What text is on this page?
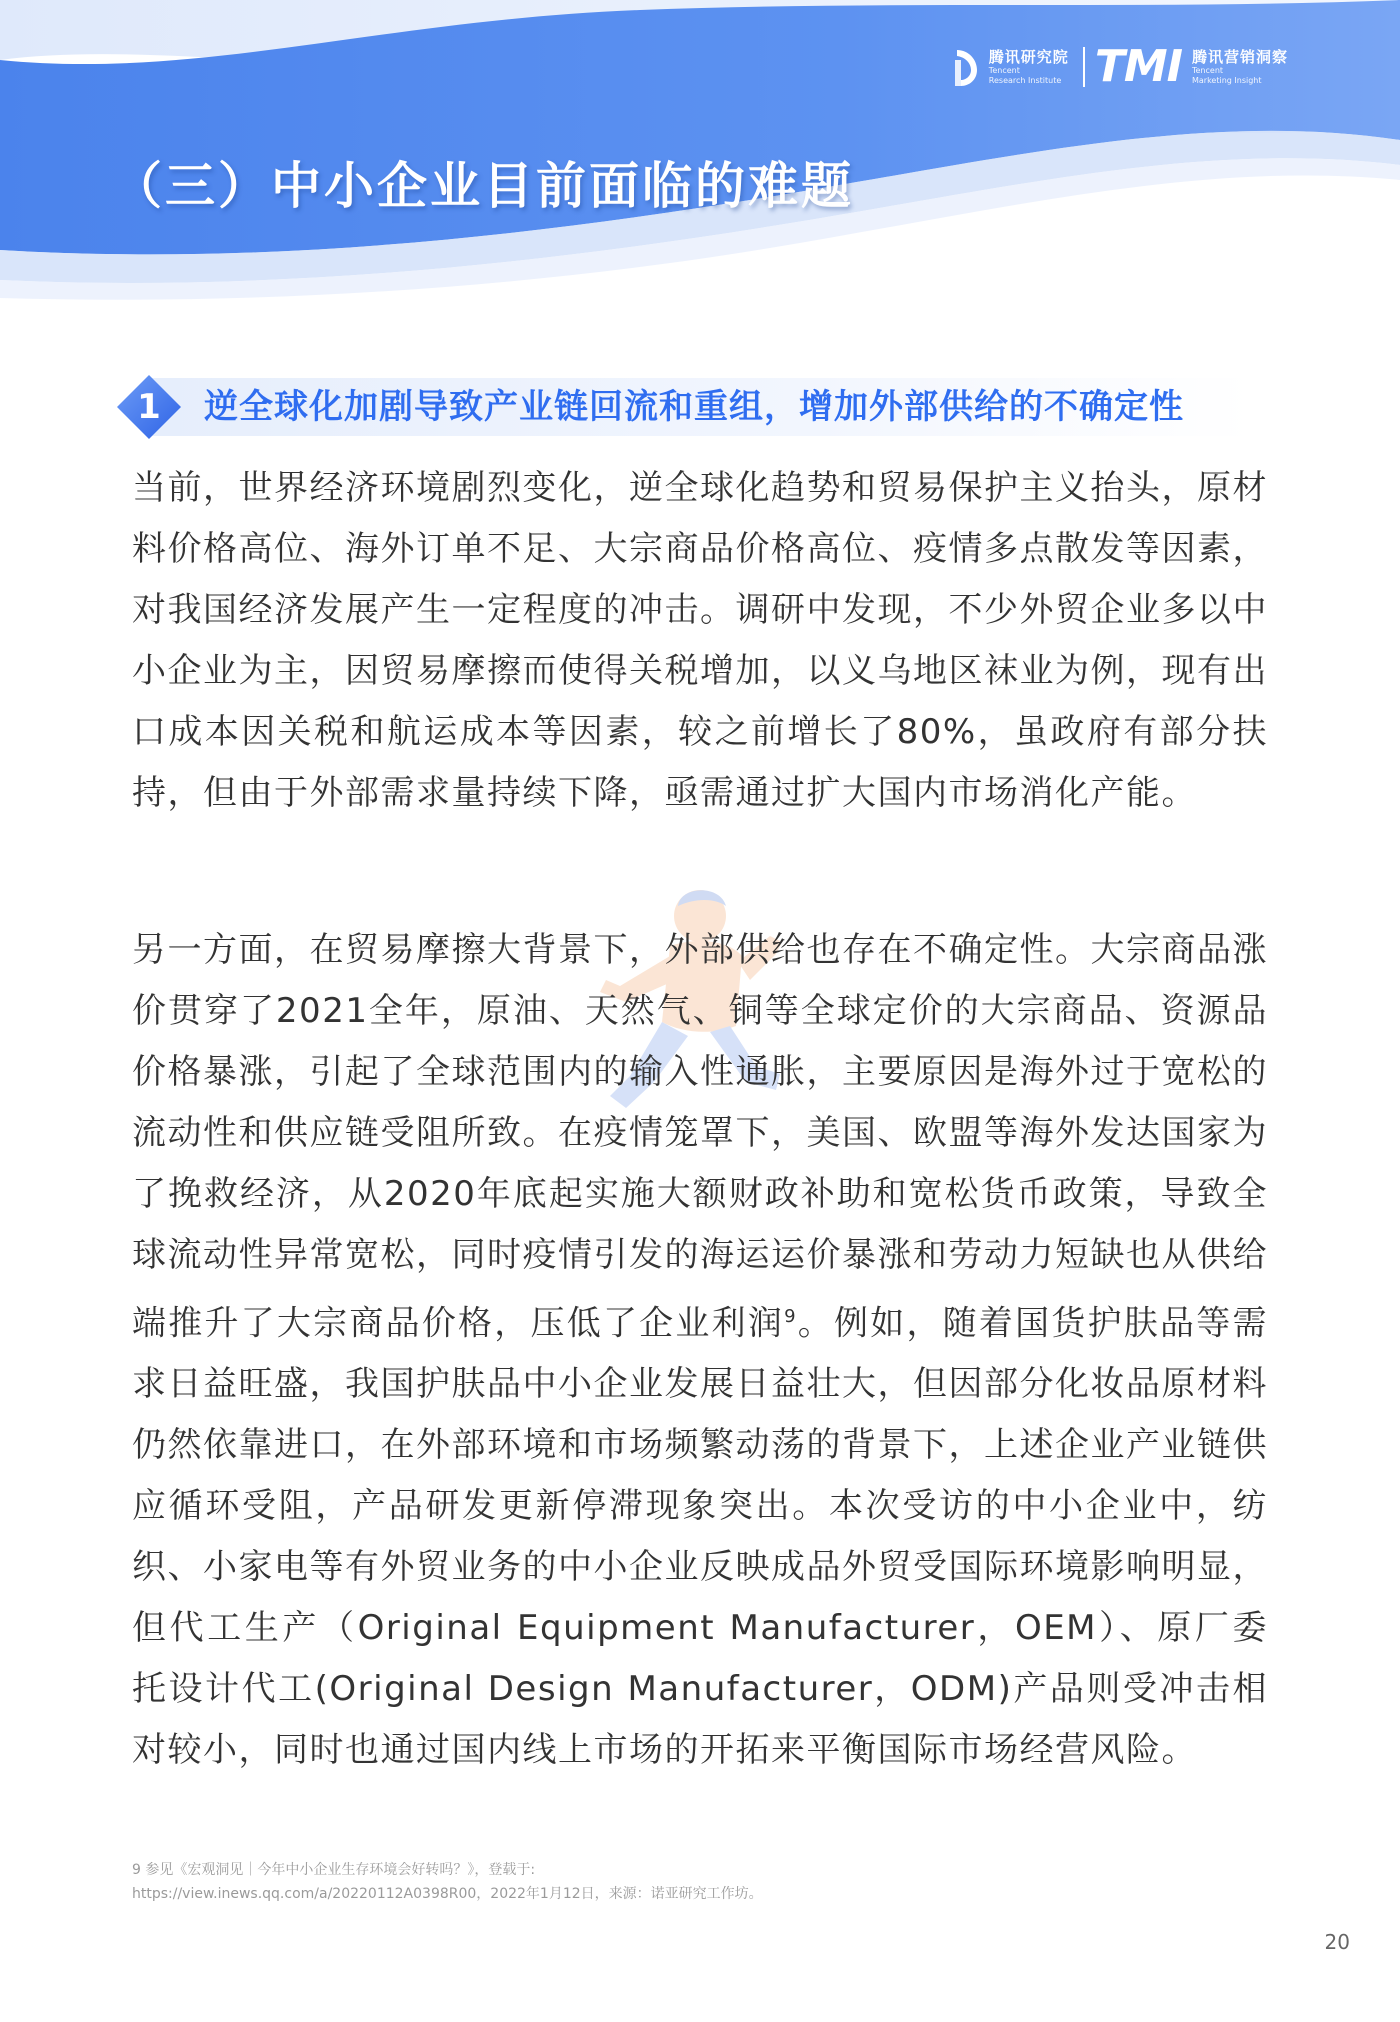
腾讯研究院
Tencent
Research Institute TMI 腾讯营销洞察
Tencent
Marketing Insight
（三）中小企业目前面临的难题
1	逆全球化加剧导致产业链回流和重组，增加外部供给的不确定性

当前，世界经济环境剧烈变化，逆全球化趋势和贸易保护主义抬头，原材料价格高位、海外订单不足、大宗商品价格高位、疫情多点散发等因素，对我国经济发展产生一定程度的冲击。调研中发现，不少外贸企业多以中小企业为主，因贸易摩擦而使得关税增加，以义乌地区袜业为例，现有出口成本因关税和航运成本等因素，较之前增长了80%，虽政府有部分扶持，但由于外部需求量持续下降，亟需通过扩大国内市场消化产能。

另一方面，在贸易摩擦大背景下，外部供给也存在不确定性。大宗商品涨价贯穿了2021全年，原油、天然气、铜等全球定价的大宗商品、资源品价格暴涨，引起了全球范围内的输入性通胀，主要原因是海外过于宽松的流动性和供应链受阻所致。在疫情笼罩下，美国、欧盟等海外发达国家为了挽救经济，从2020年底起实施大额财政补助和宽松货币政策，导致全球流动性异常宽松，同时疫情引发的海运运价暴涨和劳动力短缺也从供给端推升了大宗商品价格，压低了企业利润$^9$。例如，随着国货护肤品等需求日益旺盛，我国护肤品中小企业发展日益壮大，但因部分化妆品原材料仍然依靠进口，在外部环境和市场频繁动荡的背景下，上述企业产业链供应循环受阻，产品研发更新停滞现象突出。本次受访的中小企业中，纺织、小家电等有外贸业务的中小企业反映成品外贸受国际环境影响明显，但代工生产（Original Equipment Manufacturer，OEM）、原厂委托设计代工(Original Design Manufacturer，ODM)产品则受冲击相对较小，同时也通过国内线上市场的开拓来平衡国际市场经营风险。

9 参见《宏观洞见｜今年中小企业生存环境会好转吗？》，登载于:
https://view.inews.qq.com/a/20220112A0398R00，2022年1月12日，来源：诺亚研究工作坊。
20
